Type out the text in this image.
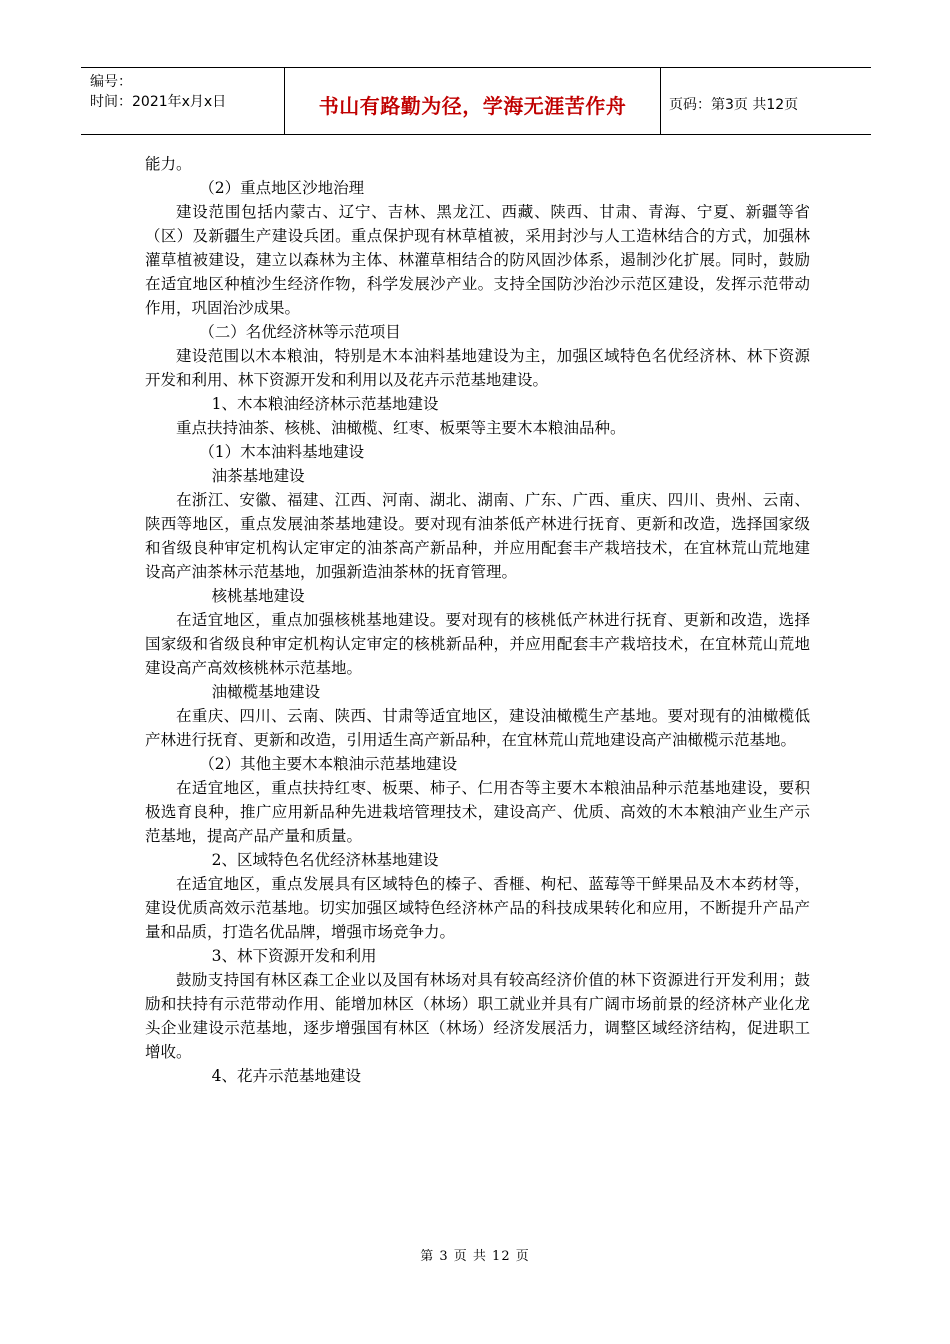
编号：
时间：2021年x月x日	书山有路勤为径，学海无涯苦作舟	页码：第3页 共12页

能力。

（2）重点地区沙地治理

建设范围包括内蒙古、辽宁、吉林、黑龙江、西藏、陕西、甘肃、青海、宁夏、新疆等省（区）及新疆生产建设兵团。重点保护现有林草植被，采用封沙与人工造林结合的方式，加强林灌草植被建设，建立以森林为主体、林灌草相结合的防风固沙体系，遏制沙化扩展。同时，鼓励在适宜地区种植沙生经济作物，科学发展沙产业。支持全国防沙治沙示范区建设，发挥示范带动作用，巩固治沙成果。

（二）名优经济林等示范项目

建设范围以木本粮油，特别是木本油料基地建设为主，加强区域特色名优经济林、林下资源开发和利用、林下资源开发和利用以及花卉示范基地建设。

1、木本粮油经济林示范基地建设

重点扶持油茶、核桃、油橄榄、红枣、板栗等主要木本粮油品种。

（1）木本油料基地建设

油茶基地建设

在浙江、安徽、福建、江西、河南、湖北、湖南、广东、广西、重庆、四川、贵州、云南、陕西等地区，重点发展油茶基地建设。要对现有油茶低产林进行抚育、更新和改造，选择国家级和省级良种审定机构认定审定的油茶高产新品种，并应用配套丰产栽培技术，在宜林荒山荒地建设高产油茶林示范基地，加强新造油茶林的抚育管理。

核桃基地建设

在适宜地区，重点加强核桃基地建设。要对现有的核桃低产林进行抚育、更新和改造，选择国家级和省级良种审定机构认定审定的核桃新品种，并应用配套丰产栽培技术，在宜林荒山荒地建设高产高效核桃林示范基地。

油橄榄基地建设

在重庆、四川、云南、陕西、甘肃等适宜地区，建设油橄榄生产基地。要对现有的油橄榄低产林进行抚育、更新和改造，引用适生高产新品种，在宜林荒山荒地建设高产油橄榄示范基地。

（2）其他主要木本粮油示范基地建设

在适宜地区，重点扶持红枣、板栗、柿子、仁用杏等主要木本粮油品种示范基地建设，要积极选育良种，推广应用新品种先进栽培管理技术，建设高产、优质、高效的木本粮油产业生产示范基地，提高产品产量和质量。

2、区域特色名优经济林基地建设

在适宜地区，重点发展具有区域特色的榛子、香榧、枸杞、蓝莓等干鲜果品及木本药材等，建设优质高效示范基地。切实加强区域特色经济林产品的科技成果转化和应用，不断提升产品产量和品质，打造名优品牌，增强市场竞争力。

3、林下资源开发和利用

鼓励支持国有林区森工企业以及国有林场对具有较高经济价值的林下资源进行开发利用；鼓励和扶持有示范带动作用、能增加林区（林场）职工就业并具有广阔市场前景的经济林产业化龙头企业建设示范基地，逐步增强国有林区（林场）经济发展活力，调整区域经济结构，促进职工增收。

4、花卉示范基地建设

第 3 页 共 12 页
